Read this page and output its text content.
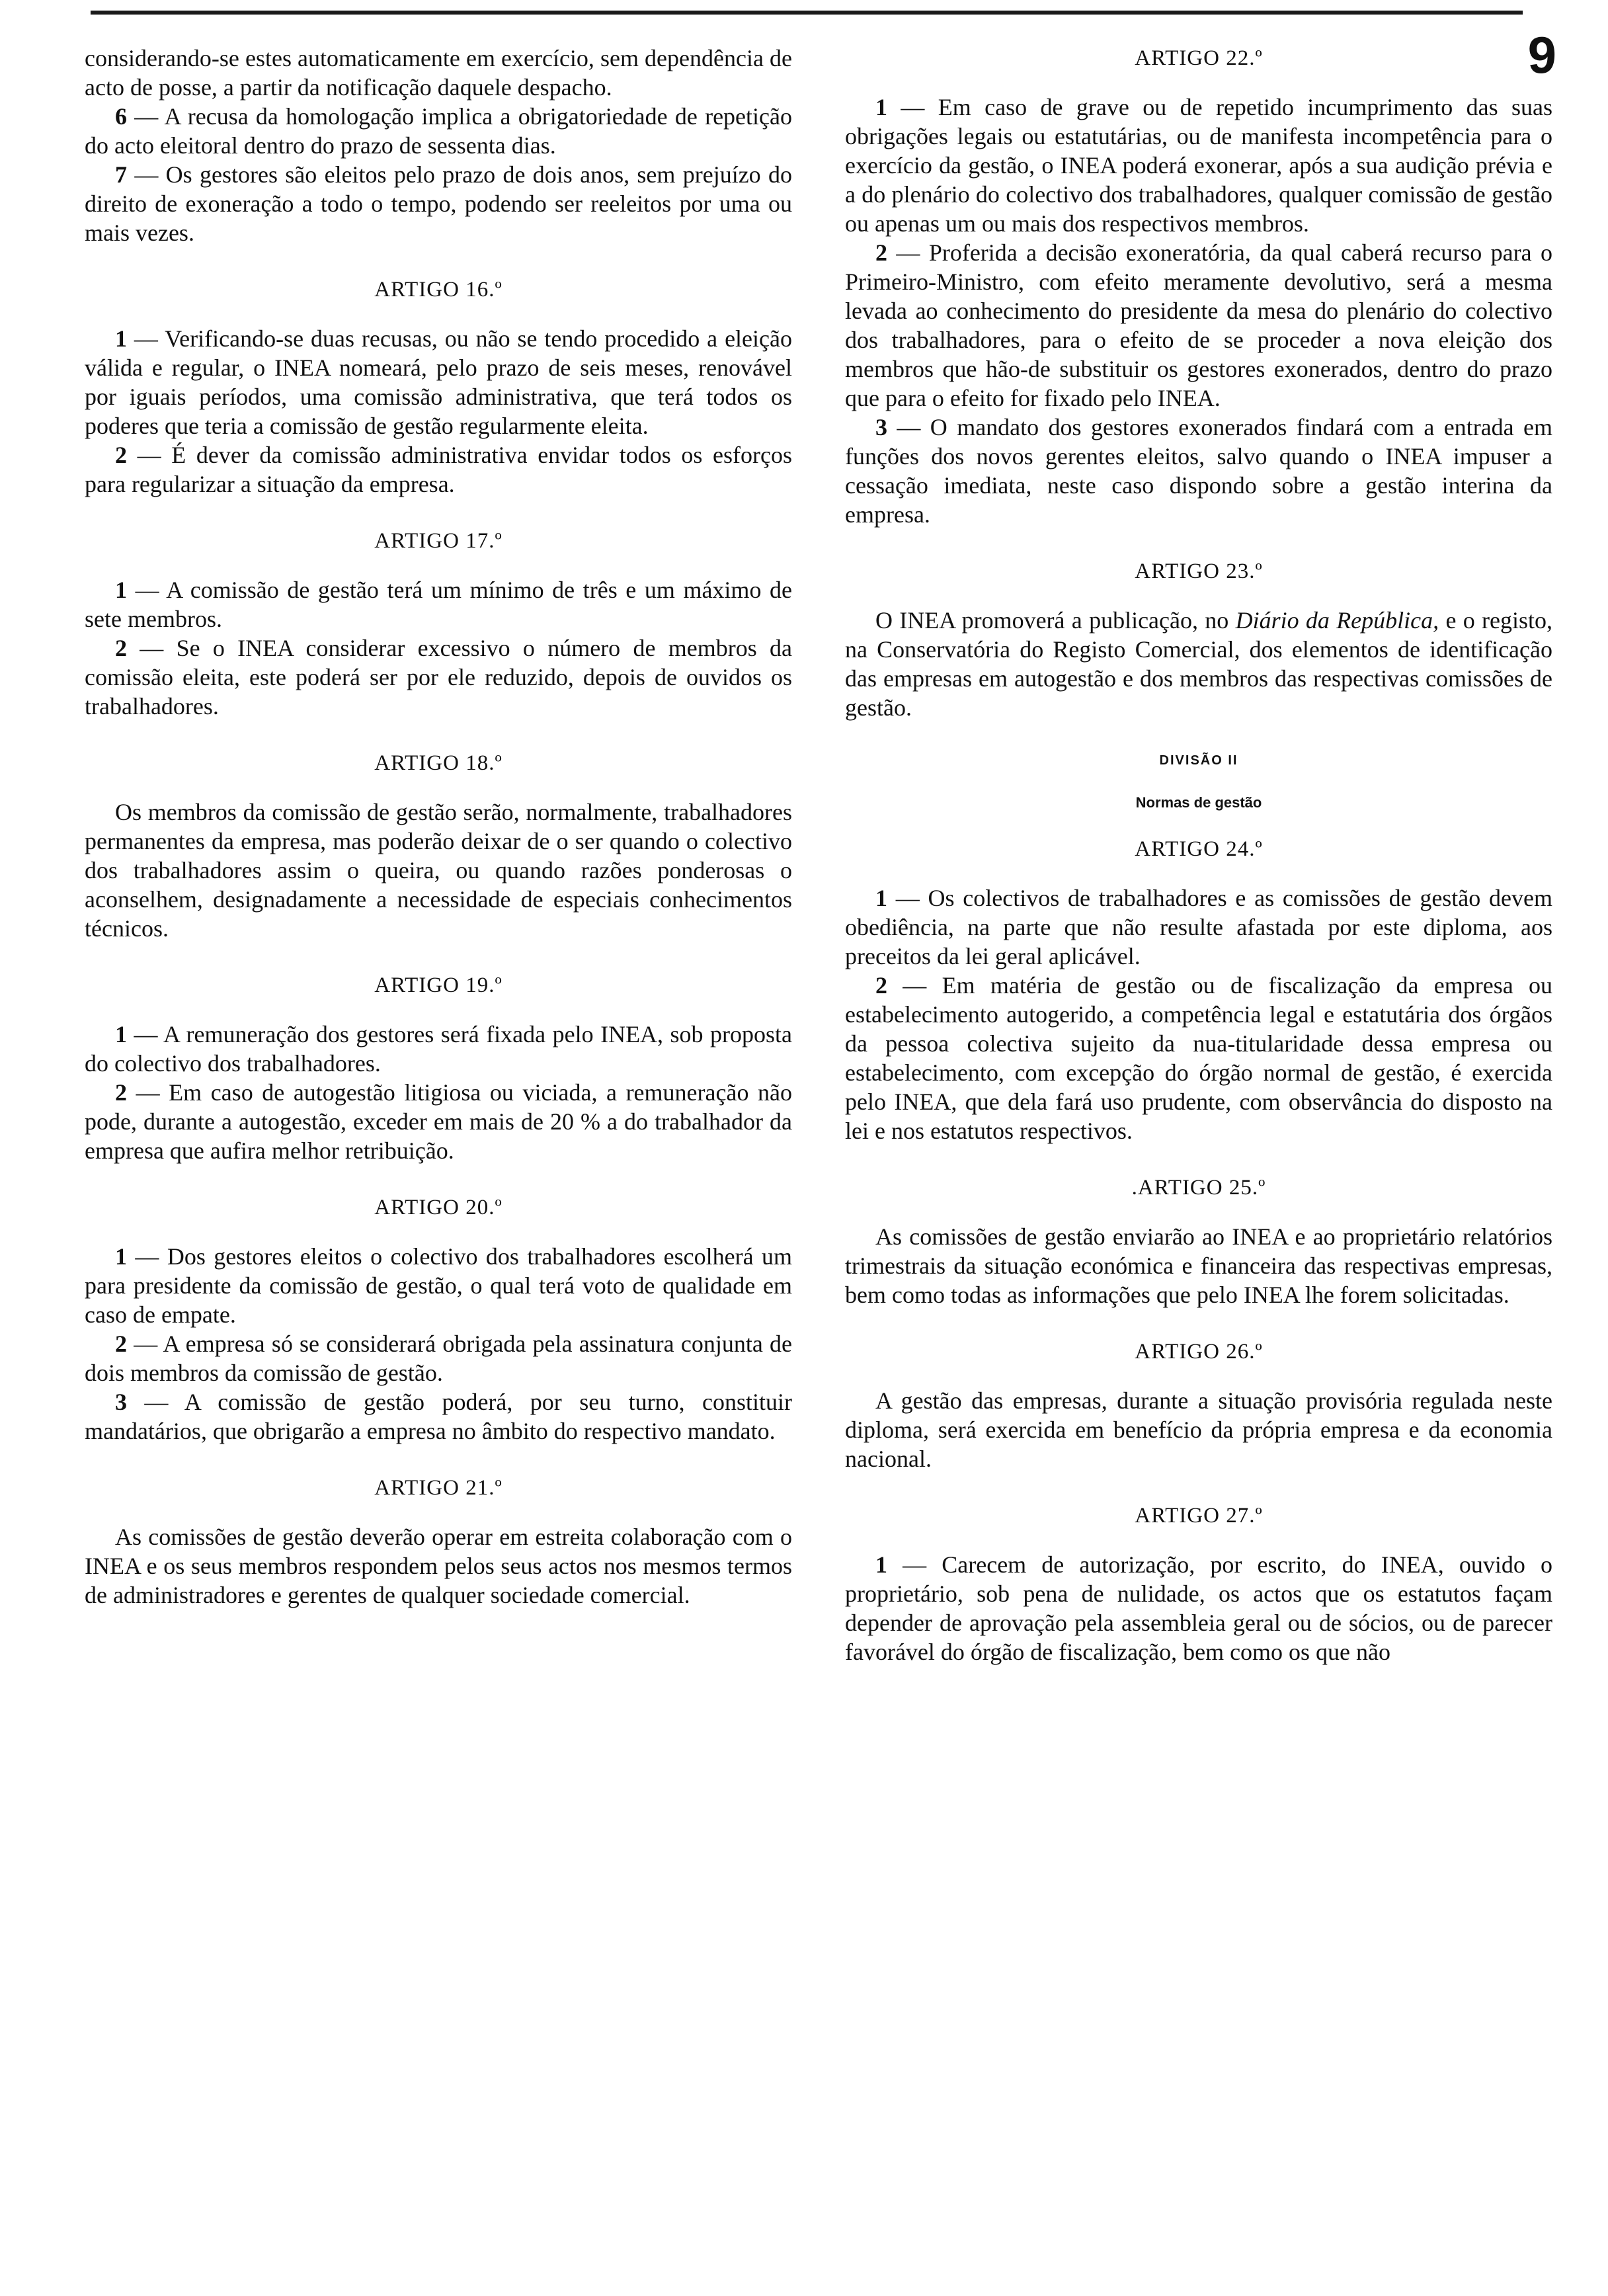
9

considerando-se estes automaticamente em exercício, sem dependência de acto de posse, a partir da notificação daquele despacho.

6 — A recusa da homologação implica a obrigatoriedade de repetição do acto eleitoral dentro do prazo de sessenta dias.

7 — Os gestores são eleitos pelo prazo de dois anos, sem prejuízo do direito de exoneração a todo o tempo, podendo ser reeleitos por uma ou mais vezes.

ARTIGO 16.º

1 — Verificando-se duas recusas, ou não se tendo procedido a eleição válida e regular, o INEA nomeará, pelo prazo de seis meses, renovável por iguais períodos, uma comissão administrativa, que terá todos os poderes que teria a comissão de gestão regularmente eleita.

2 — É dever da comissão administrativa envidar todos os esforços para regularizar a situação da empresa.

ARTIGO 17.º

1 — A comissão de gestão terá um mínimo de três e um máximo de sete membros.

2 — Se o INEA considerar excessivo o número de membros da comissão eleita, este poderá ser por ele reduzido, depois de ouvidos os trabalhadores.

ARTIGO 18.º

Os membros da comissão de gestão serão, normalmente, trabalhadores permanentes da empresa, mas poderão deixar de o ser quando o colectivo dos trabalhadores assim o queira, ou quando razões ponderosas o aconselhem, designadamente a necessidade de especiais conhecimentos técnicos.

ARTIGO 19.º

1 — A remuneração dos gestores será fixada pelo INEA, sob proposta do colectivo dos trabalhadores.

2 — Em caso de autogestão litigiosa ou viciada, a remuneração não pode, durante a autogestão, exceder em mais de 20 % a do trabalhador da empresa que aufira melhor retribuição.

ARTIGO 20.º

1 — Dos gestores eleitos o colectivo dos trabalhadores escolherá um para presidente da comissão de gestão, o qual terá voto de qualidade em caso de empate.

2 — A empresa só se considerará obrigada pela assinatura conjunta de dois membros da comissão de gestão.

3 — A comissão de gestão poderá, por seu turno, constituir mandatários, que obrigarão a empresa no âmbito do respectivo mandato.

ARTIGO 21.º

As comissões de gestão deverão operar em estreita colaboração com o INEA e os seus membros respondem pelos seus actos nos mesmos termos de administradores e gerentes de qualquer sociedade comercial.

ARTIGO 22.º

1 — Em caso de grave ou de repetido incumprimento das suas obrigações legais ou estatutárias, ou de manifesta incompetência para o exercício da gestão, o INEA poderá exonerar, após a sua audição prévia e a do plenário do colectivo dos trabalhadores, qualquer comissão de gestão ou apenas um ou mais dos respectivos membros.

2 — Proferida a decisão exoneratória, da qual caberá recurso para o Primeiro-Ministro, com efeito meramente devolutivo, será a mesma levada ao conhecimento do presidente da mesa do plenário do colectivo dos trabalhadores, para o efeito de se proceder a nova eleição dos membros que hão-de substituir os gestores exonerados, dentro do prazo que para o efeito for fixado pelo INEA.

3 — O mandato dos gestores exonerados findará com a entrada em funções dos novos gerentes eleitos, salvo quando o INEA impuser a cessação imediata, neste caso dispondo sobre a gestão interina da empresa.

ARTIGO 23.º

O INEA promoverá a publicação, no Diário da República, e o registo, na Conservatória do Registo Comercial, dos elementos de identificação das empresas em autogestão e dos membros das respectivas comissões de gestão.

DIVISÃO II
Normas de gestão
ARTIGO 24.º

1 — Os colectivos de trabalhadores e as comissões de gestão devem obediência, na parte que não resulte afastada por este diploma, aos preceitos da lei geral aplicável.

2 — Em matéria de gestão ou de fiscalização da empresa ou estabelecimento autogerido, a competência legal e estatutária dos órgãos da pessoa colectiva sujeito da nua-titularidade dessa empresa ou estabelecimento, com excepção do órgão normal de gestão, é exercida pelo INEA, que dela fará uso prudente, com observância do disposto na lei e nos estatutos respectivos.

.ARTIGO 25.º

As comissões de gestão enviarão ao INEA e ao proprietário relatórios trimestrais da situação económica e financeira das respectivas empresas, bem como todas as informações que pelo INEA lhe forem solicitadas.

ARTIGO 26.º

A gestão das empresas, durante a situação provisória regulada neste diploma, será exercida em benefício da própria empresa e da economia nacional.

ARTIGO 27.º

1 — Carecem de autorização, por escrito, do INEA, ouvido o proprietário, sob pena de nulidade, os actos que os estatutos façam depender de aprovação pela assembleia geral ou de sócios, ou de parecer favorável do órgão de fiscalização, bem como os que não
